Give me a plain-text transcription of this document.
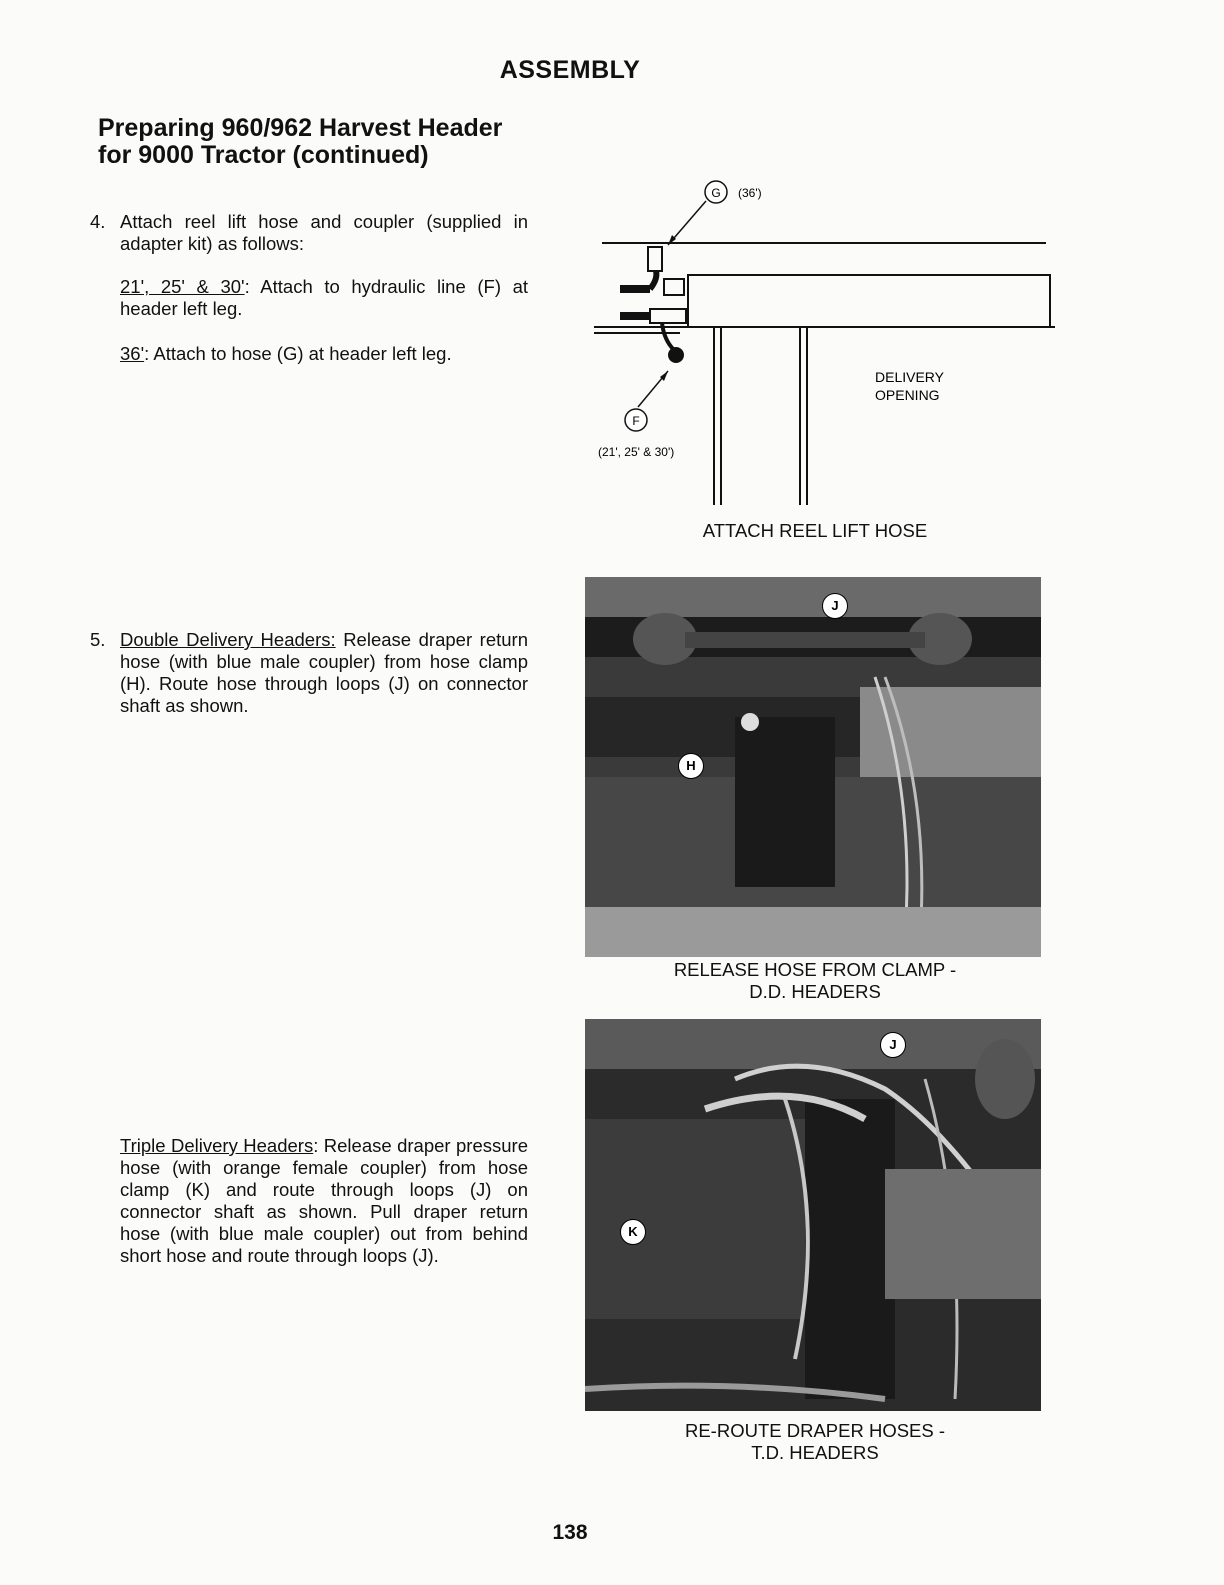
ASSEMBLY
Preparing 960/962 Harvest Header
for 9000 Tractor (continued)
4. Attach reel lift hose and coupler (supplied in adapter kit) as follows:
21', 25' & 30': Attach to hydraulic line (F) at header left leg.
36': Attach to hose (G) at header left leg.
G (36')
F
(21', 25' & 30')
DELIVERY
OPENING
ATTACH REEL LIFT HOSE
5. Double Delivery Headers: Release draper return hose (with blue male coupler) from hose clamp (H). Route hose through loops (J) on connector shaft as shown.
J
H
RELEASE HOSE FROM CLAMP -
D.D. HEADERS
Triple Delivery Headers: Release draper pressure hose (with orange female coupler) from hose clamp (K) and route through loops (J) on connector shaft as shown. Pull draper return hose (with blue male coupler) out from behind short hose and route through loops (J).
J
K
RE-ROUTE DRAPER HOSES -
T.D. HEADERS
138
